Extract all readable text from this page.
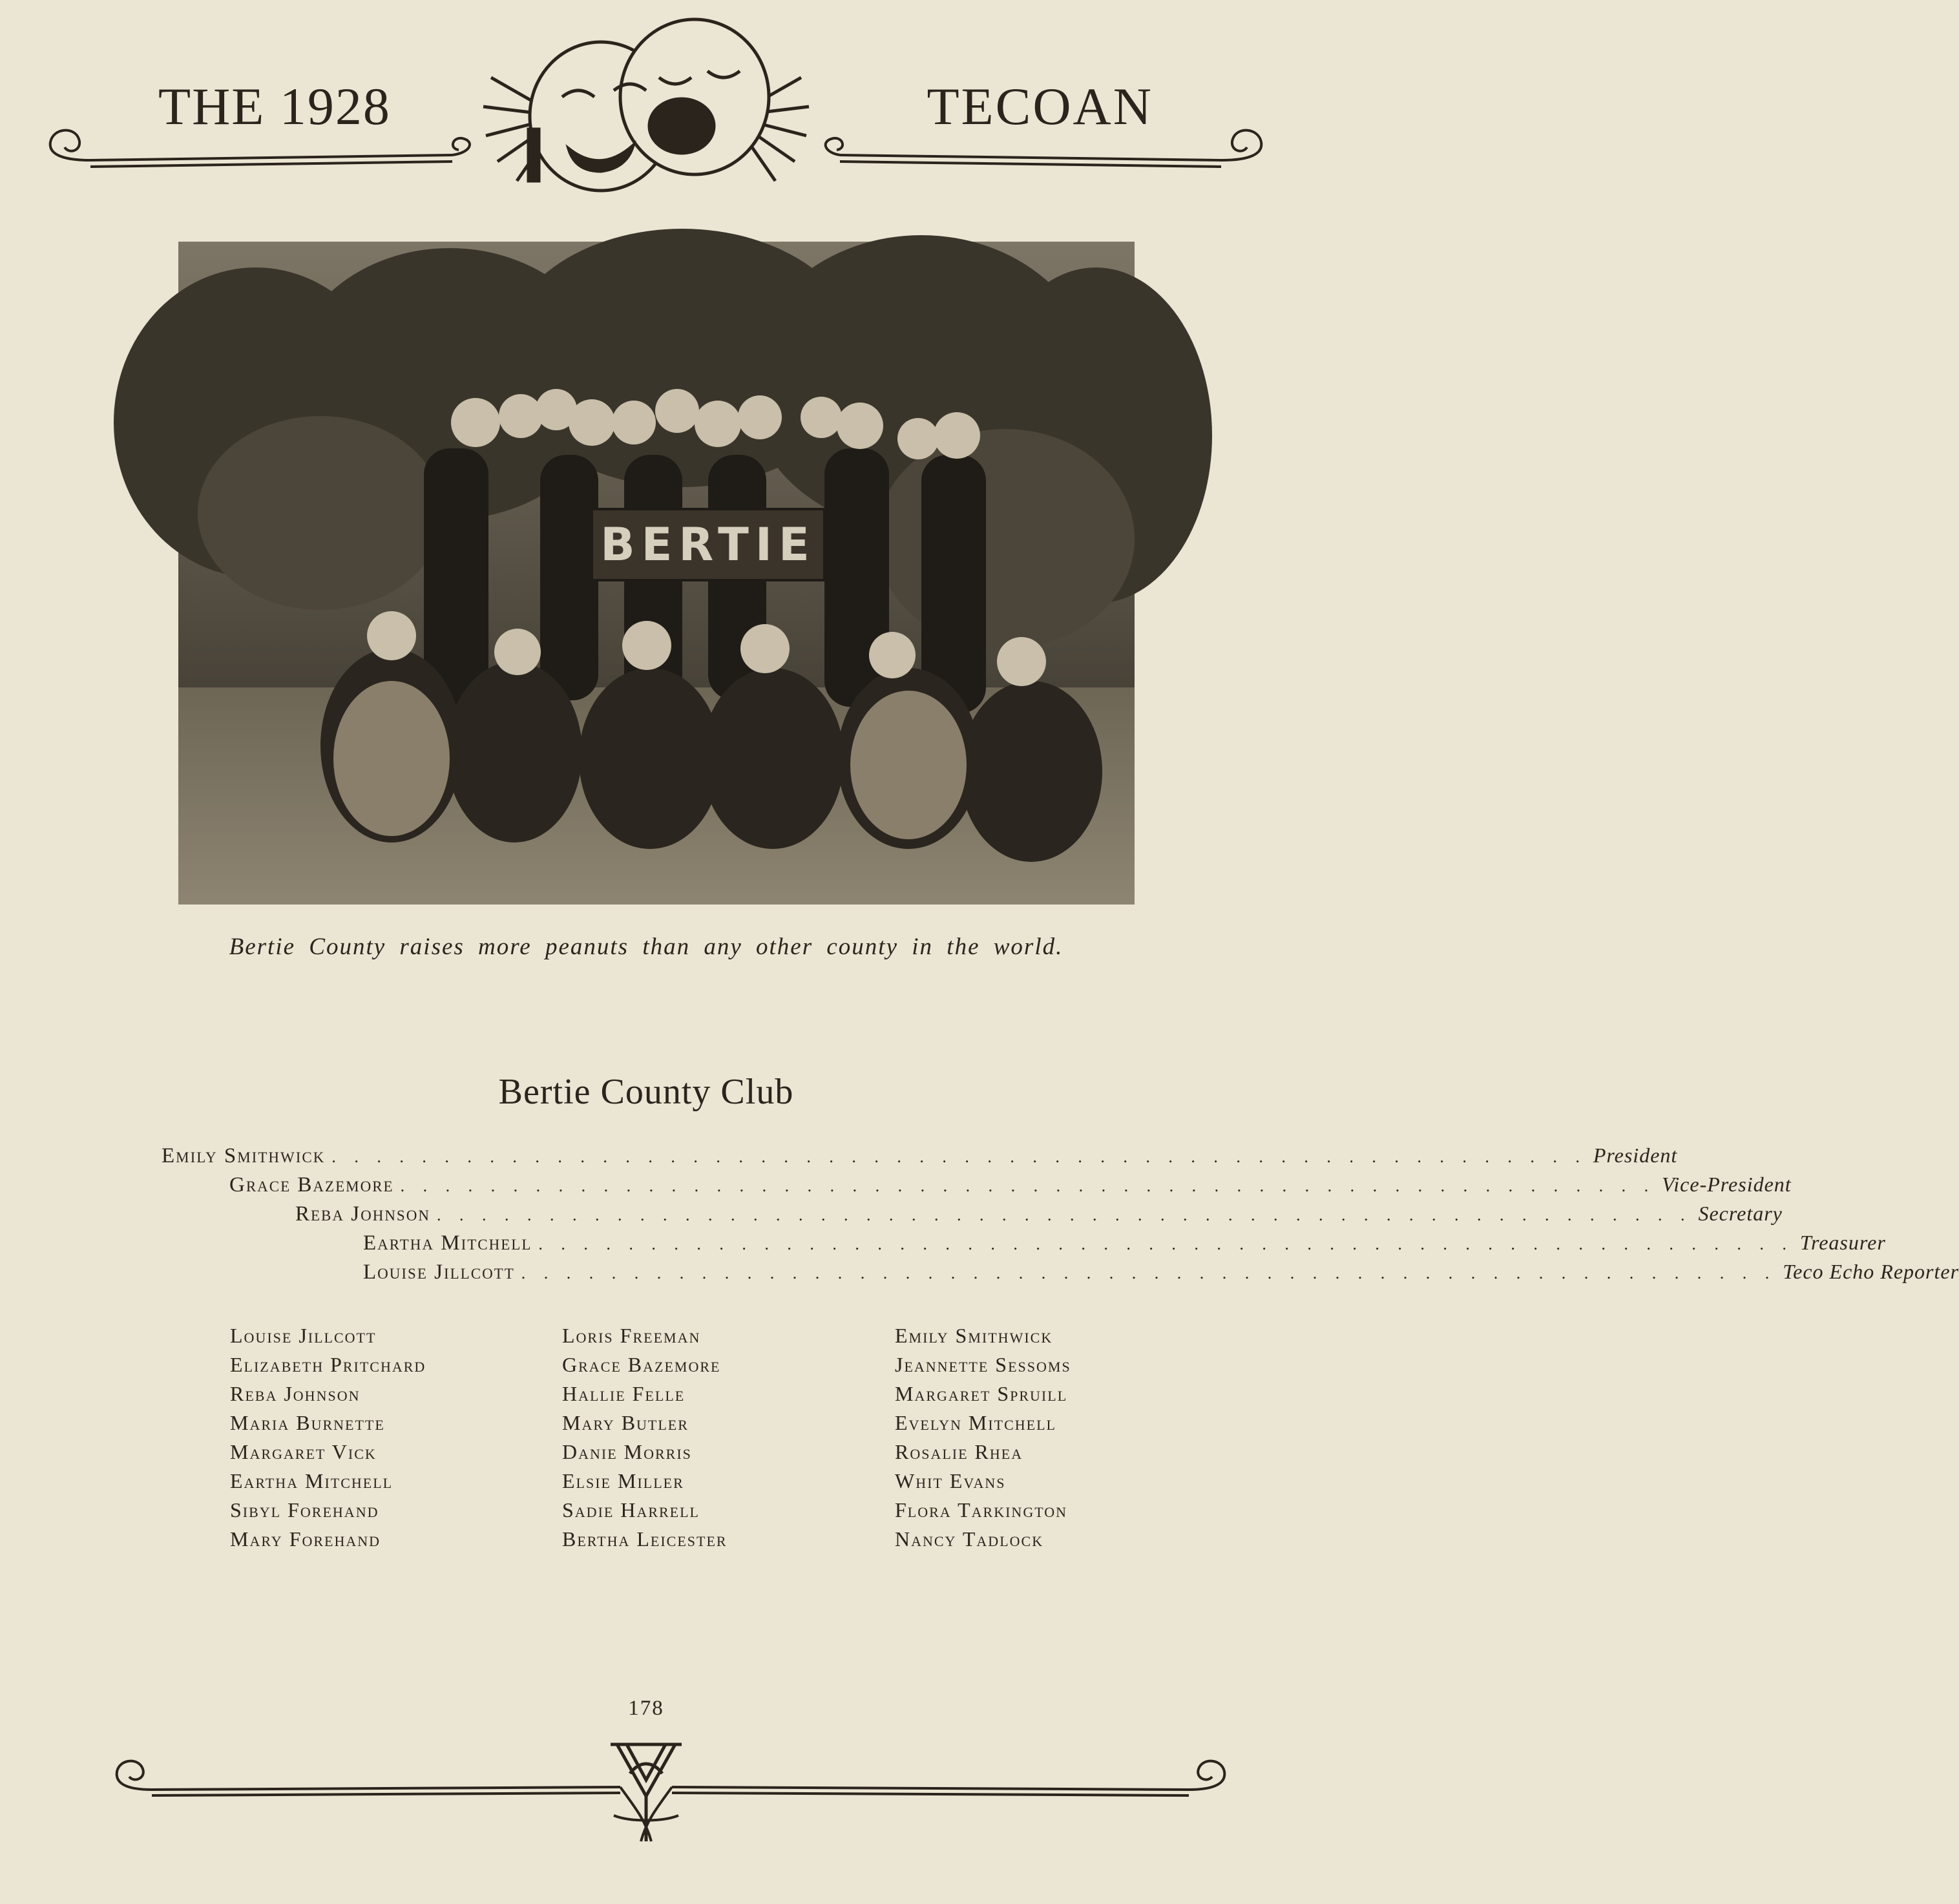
THE 1928	TECOAN
BERTIE
Bertie County raises more peanuts than any other county in the world.
Bertie County Club
Emily Smithwick . . . . . . . . . . . . . . . . . . . . . . . . . . . . . . . . . . . . . . . . . . . . . . . . . . . . . . . . President
Grace Bazemore . . . . . . . . . . . . . . . . . . . . . . . . . . . . . . . . . . . . . . . . . . . . . . . . . . . . . . . . Vice-President
Reba Johnson . . . . . . . . . . . . . . . . . . . . . . . . . . . . . . . . . . . . . . . . . . . . . . . . . . . . . . . . Secretary
Eartha Mitchell . . . . . . . . . . . . . . . . . . . . . . . . . . . . . . . . . . . . . . . . . . . . . . . . . . . . . . . . Treasurer
Louise Jillcott . . . . . . . . . . . . . . . . . . . . . . . . . . . . . . . . . . . . . . . . . . . . . . . . . . . . . . . . Teco Echo Reporter
Louise Jillcott
Elizabeth Pritchard
Reba Johnson
Maria Burnette
Margaret Vick
Eartha Mitchell
Sibyl Forehand
Mary Forehand
Loris Freeman
Grace Bazemore
Hallie Felle
Mary Butler
Danie Morris
Elsie Miller
Sadie Harrell
Bertha Leicester
Emily Smithwick
Jeannette Sessoms
Margaret Spruill
Evelyn Mitchell
Rosalie Rhea
Whit Evans
Flora Tarkington
Nancy Tadlock
178
